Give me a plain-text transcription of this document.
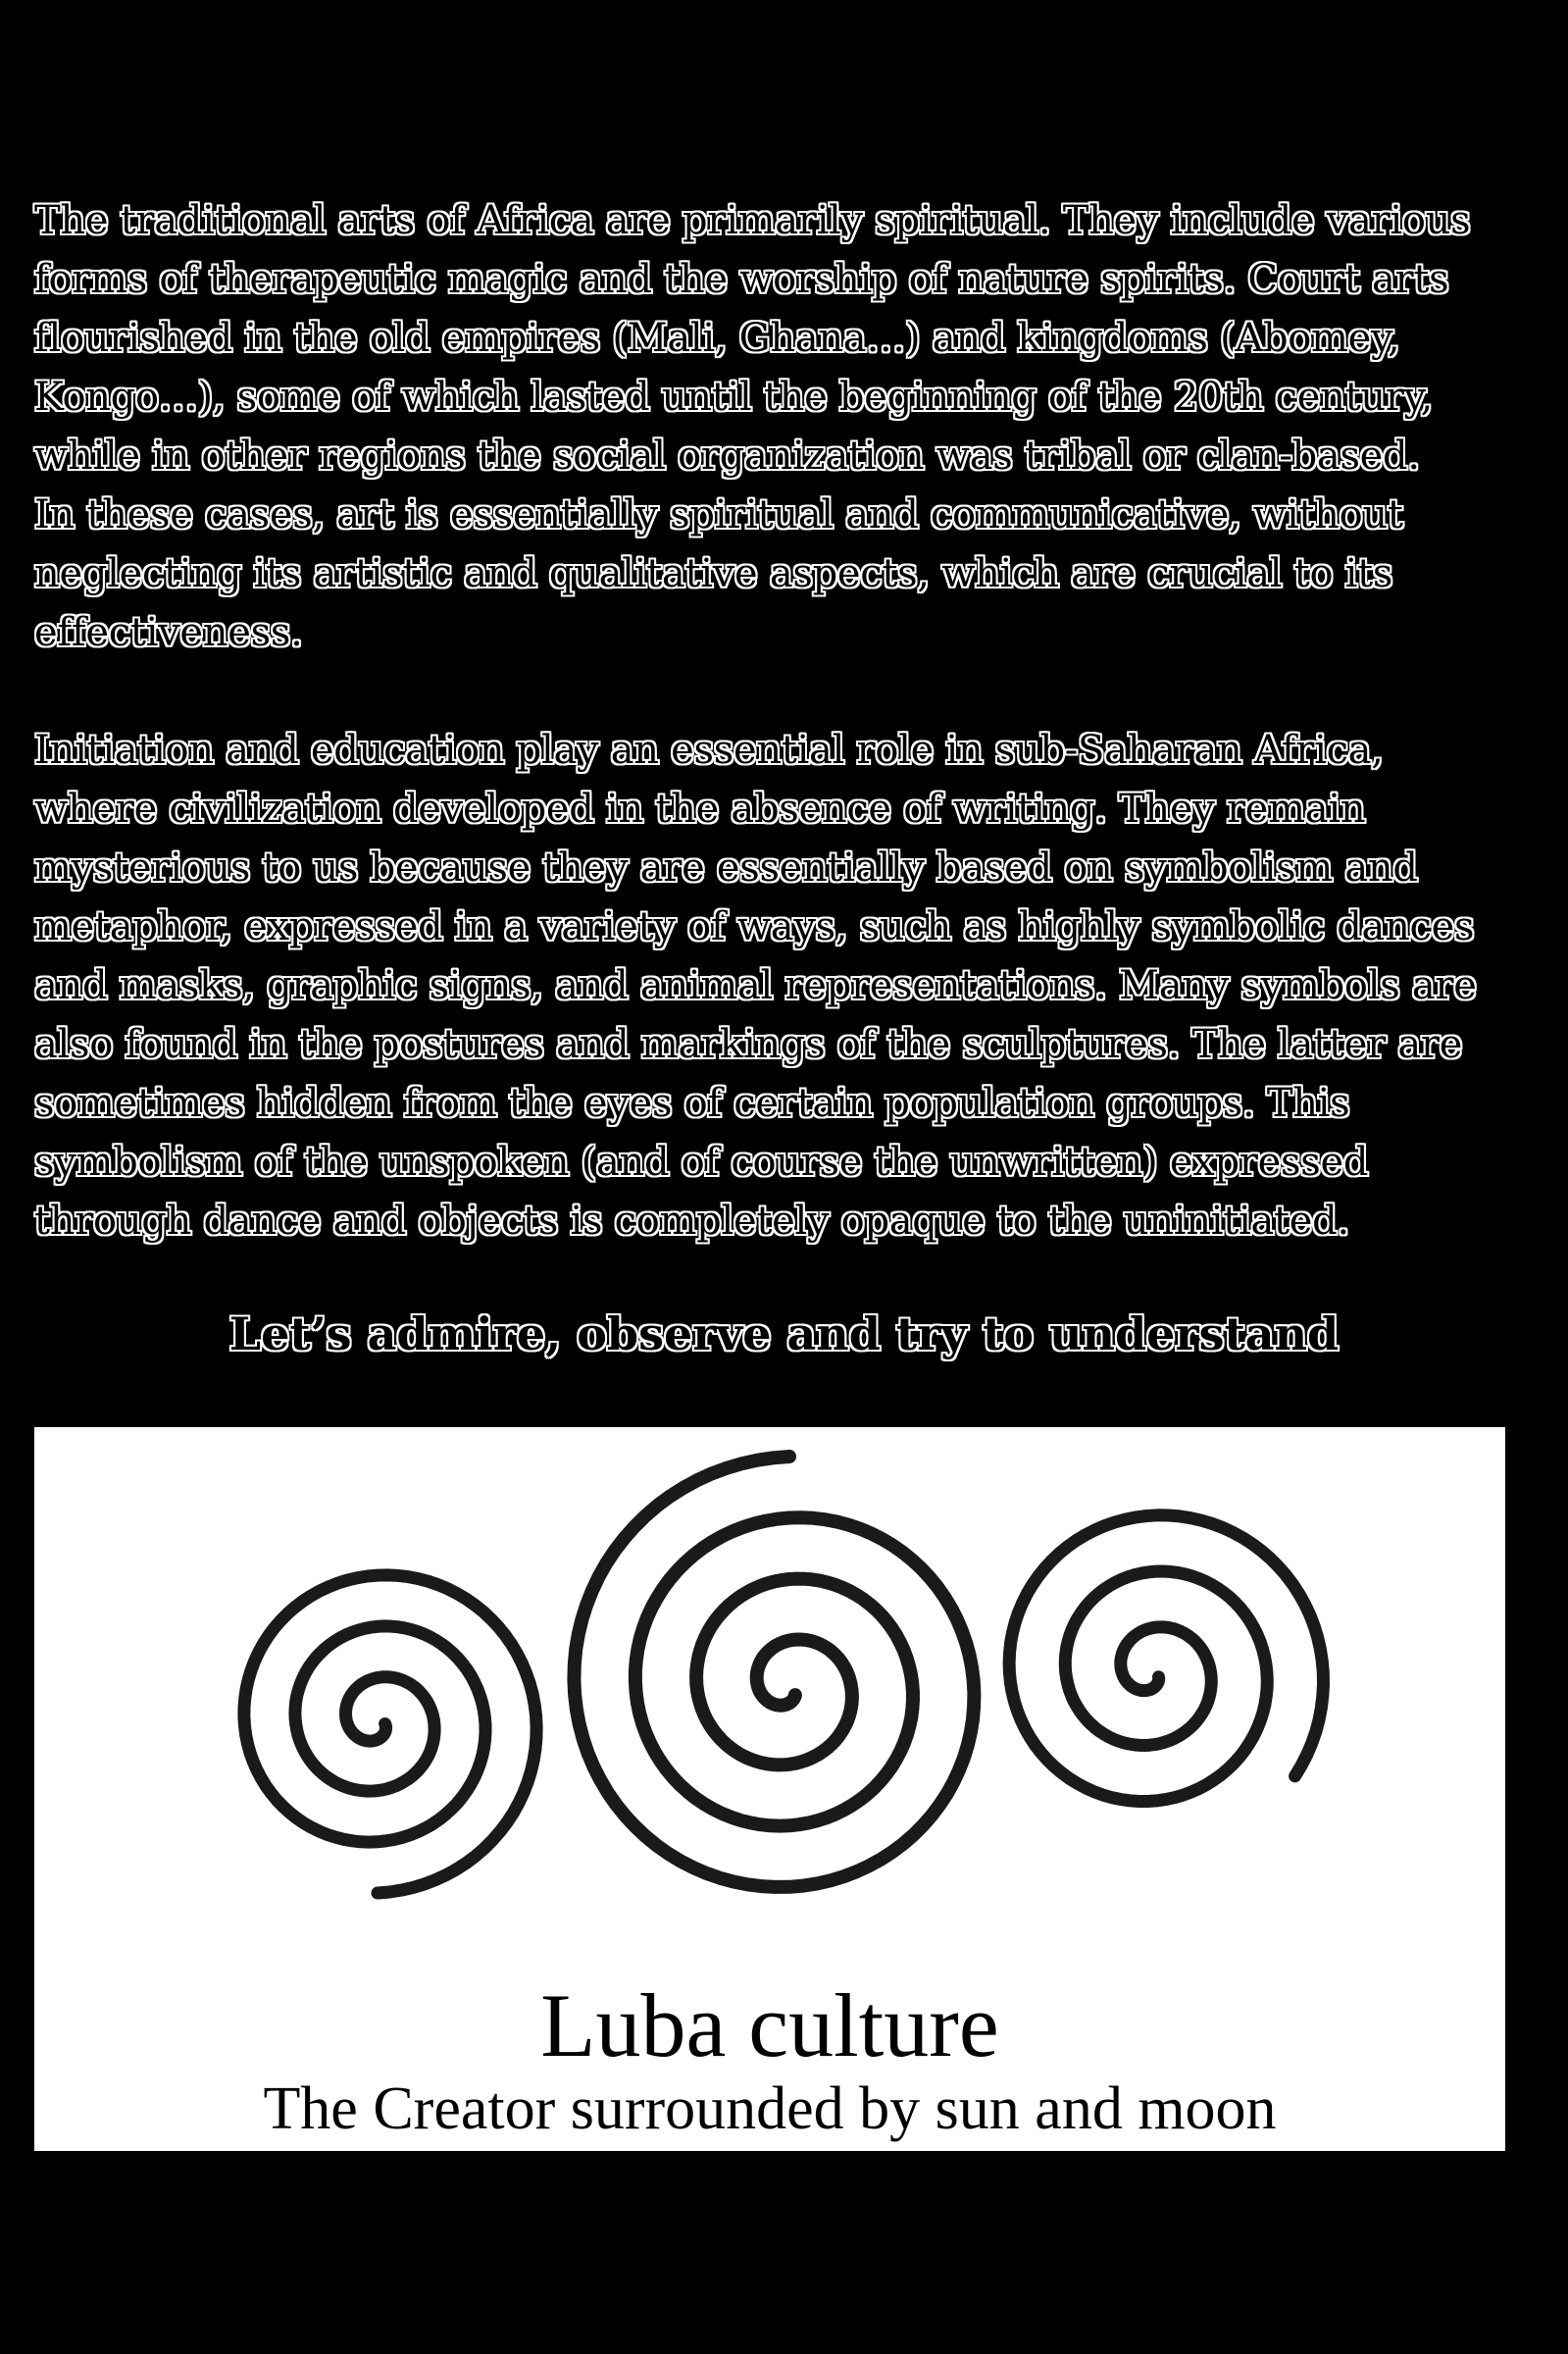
The traditional arts of Africa are primarily spiritual. They include various
forms of therapeutic magic and the worship of nature spirits. Court arts
flourished in the old empires (Mali, Ghana…) and kingdoms (Abomey,
Kongo…), some of which lasted until the beginning of the 20th century,
while in other regions the social organization was tribal or clan-based.
In these cases, art is essentially spiritual and communicative, without
neglecting its artistic and qualitative aspects, which are crucial to its
effectiveness.
Initiation and education play an essential role in sub-Saharan Africa,
where civilization developed in the absence of writing. They remain
mysterious to us because they are essentially based on symbolism and
metaphor, expressed in a variety of ways, such as highly symbolic dances
and masks, graphic signs, and animal representations. Many symbols are
also found in the postures and markings of the sculptures. The latter are
sometimes hidden from the eyes of certain population groups. This
symbolism of the unspoken (and of course the unwritten) expressed
through dance and objects is completely opaque to the uninitiated.
Let’s admire, observe and try to understand
Luba culture
The Creator surrounded by sun and moon
